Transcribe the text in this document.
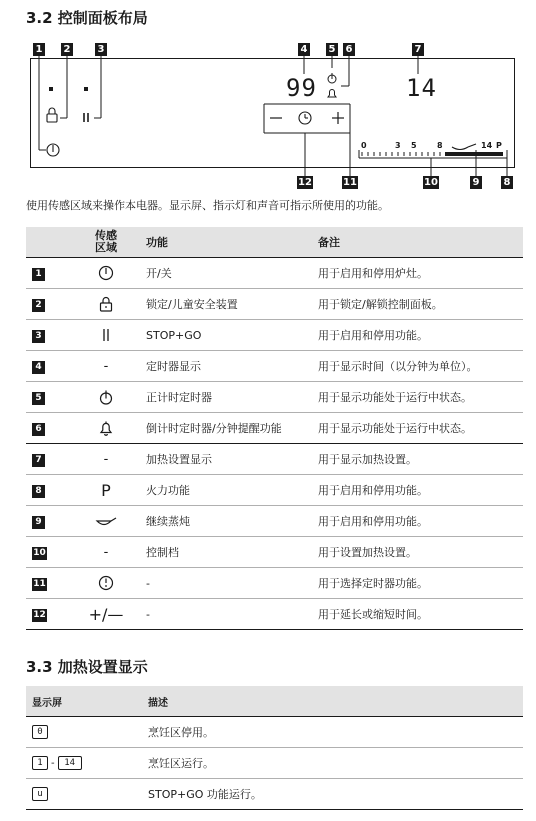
3.2 控制面板布局
1 2	3	4 5 6	7
99	14
0	3 5	8	14 P
12	11	10	9 8
使用传感区域来操作本电器。显示屏、指示灯和声音可指示所使用的功能。
	传感
区域	功能	备注
1		开/关	用于启用和停用炉灶。
2		锁定/儿童安全装置	用于锁定/解锁控制面板。
3		STOP+GO	用于启用和停用功能。
4	-	定时器显示	用于显示时间（以分钟为单位）。
5		正计时定时器	用于显示功能处于运行中状态。
6		倒计时定时器/分钟提醒功能	用于显示功能处于运行中状态。
7	-	加热设置显示	用于显示加热设置。
8	P	火力功能	用于启用和停用功能。
9		继续蒸炖	用于启用和停用功能。
10	-	控制档	用于设置加热设置。
11		-	用于选择定时器功能。
12	+/—	-	用于延长或缩短时间。
3.3 加热设置显示
显示屏	描述
0	烹饪区停用。
1 - 14	烹饪区运行。
u	STOP+GO 功能运行。
